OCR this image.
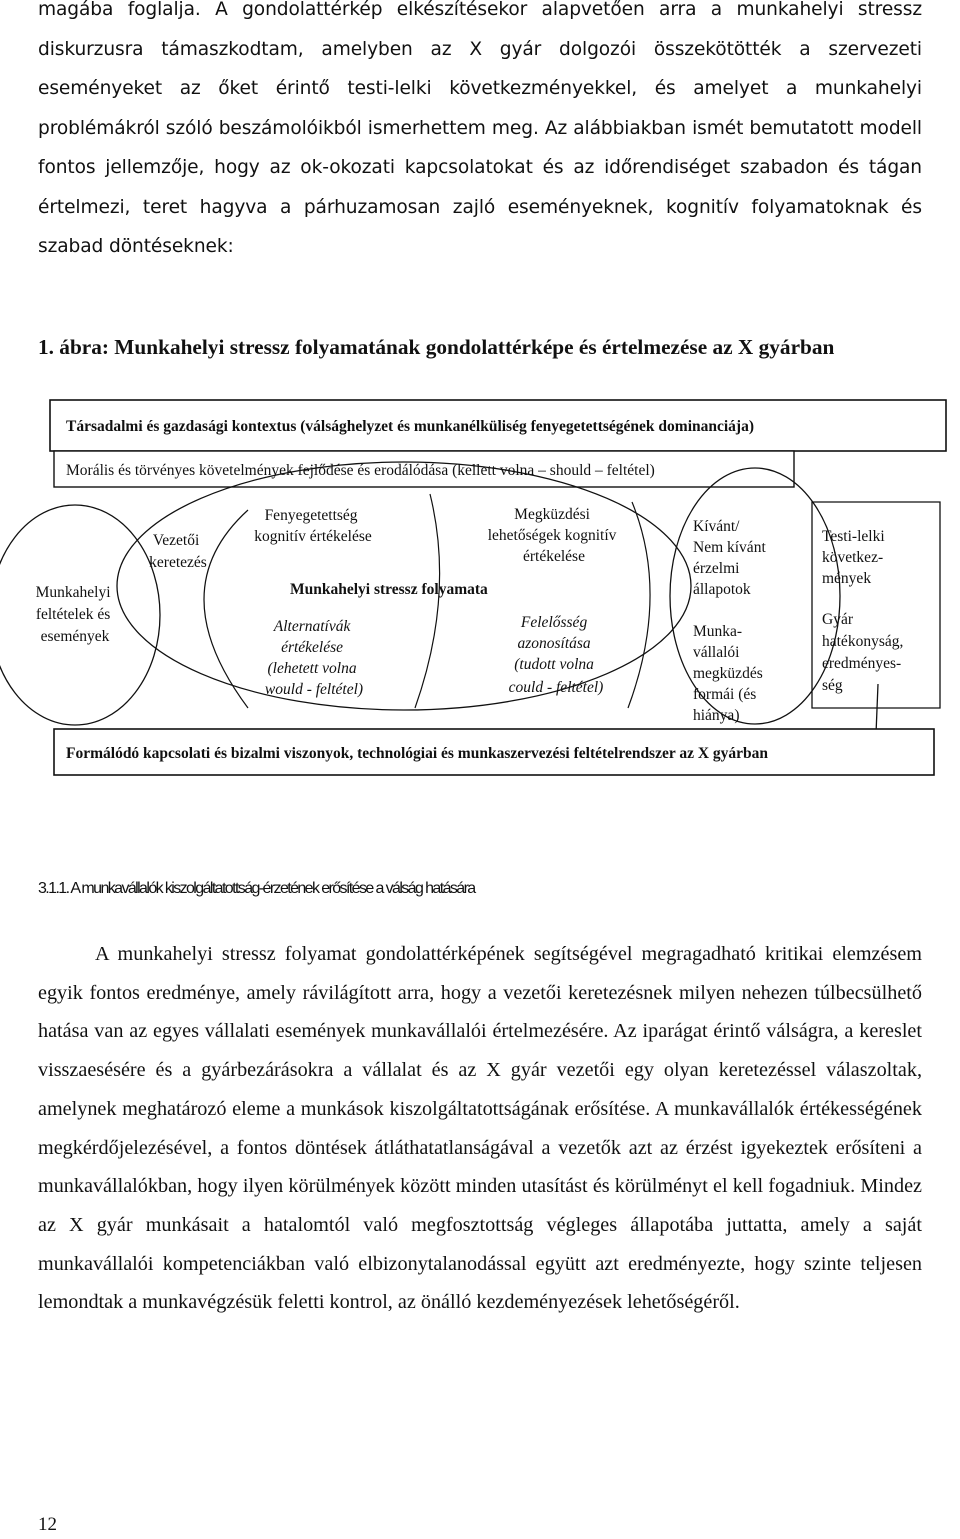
magába foglalja. A gondolattérkép elkészítésekor alapvetően arra a munkahelyi stressz diskurzusra támaszkodtam, amelyben az X gyár dolgozói összekötötték a szervezeti eseményeket az őket érintő testi-lelki következményekkel, és amelyet a munkahelyi problémákról szóló beszámolóikból ismerhettem meg. Az alábbiakban ismét bemutatott modell fontos jellemzője, hogy az ok-okozati kapcsolatokat és az időrendiséget szabadon és tágan értelmezi, teret hagyva a párhuzamosan zajló eseményeknek, kognitív folyamatoknak és szabad döntéseknek:

1. ábra: Munkahelyi stressz folyamatának gondolattérképe és értelmezése az X gyárban

Társadalmi és gazdasági kontextus (válsághelyzet és munkanélküliség fenyegetettségének dominanciája)
Morális és törvényes követelmények fejlődése és erodálódása (kellett volna – should – feltétel)
Formálódó kapcsolati és bizalmi viszonyok, technológiai és munkaszervezési feltételrendszer az X gyárban
Munkahelyi feltételek és események
Vezetői keretezés
Fenyegetettség kognitív értékelése
Megküzdési lehetőségek kognitív értékelése
Munkahelyi stressz folyamata
Alternatívák értékelése (lehetett volna would - feltétel)
Felelősség azonosítása (tudott volna could - feltétel)
Kívánt/ Nem kívánt érzelmi állapotok
Munka- vállalói megküzdés formái (és hiánya)
Testi-lelki következ- mények
Gyár hatékonyság, eredményes- ség

3.1.1. A munkavállalók kiszolgáltatottság-érzetének erősítése a válság hatására

A munkahelyi stressz folyamat gondolattérképének segítségével megragadható kritikai elemzésem egyik fontos eredménye, amely rávilágított arra, hogy a vezetői keretezésnek milyen nehezen túlbecsülhető hatása van az egyes vállalati események munkavállalói értelmezésére. Az iparágat érintő válságra, a kereslet visszaesésére és a gyárbezárásokra a vállalat és az X gyár vezetői egy olyan keretezéssel válaszoltak, amelynek meghatározó eleme a munkások kiszolgáltatottságának erősítése. A munkavállalók értékességének megkérdőjelezésével, a fontos döntések átláthatatlanságával a vezetők azt az érzést igyekeztek erősíteni a munkavállalókban, hogy ilyen körülmények között minden utasítást és körülményt el kell fogadniuk. Mindez az X gyár munkásait a hatalomtól való megfosztottság végleges állapotába juttatta, amely a saját munkavállalói kompetenciákban való elbizonytalanodással együtt azt eredményezte, hogy szinte teljesen lemondtak a munkavégzésük feletti kontrol, az önálló kezdeményezések lehetőségéről.

12
